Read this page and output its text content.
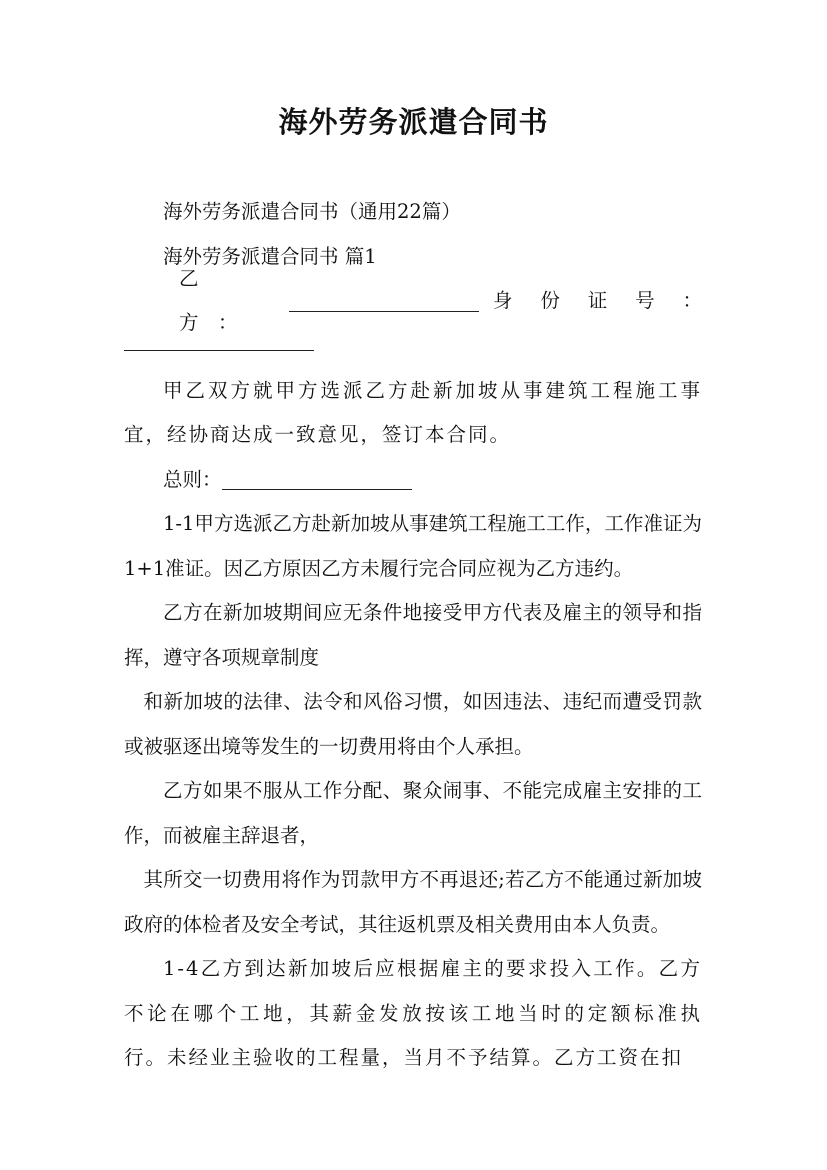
海外劳务派遣合同书

海外劳务派遣合同书（通用22篇）

海外劳务派遣合同书 篇1

乙　方　：
身　份　证　号　：

甲乙双方就甲方选派乙方赴新加坡从事建筑工程施工事宜，经协商达成一致意见，签订本合同。

总则：

1-1甲方选派乙方赴新加坡从事建筑工程施工工作，工作准证为1+1准证。因乙方原因乙方未履行完合同应视为乙方违约。

乙方在新加坡期间应无条件地接受甲方代表及雇主的领导和指挥，遵守各项规章制度

和新加坡的法律、法令和风俗习惯，如因违法、违纪而遭受罚款或被驱逐出境等发生的一切费用将由个人承担。

乙方如果不服从工作分配、聚众闹事、不能完成雇主安排的工作，而被雇主辞退者，

其所交一切费用将作为罚款甲方不再退还;若乙方不能通过新加坡政府的体检者及安全考试，其往返机票及相关费用由本人负责。

1-4乙方到达新加坡后应根据雇主的要求投入工作。乙方不论在哪个工地，其薪金发放按该工地当时的定额标准执行。未经业主验收的工程量，当月不予结算。乙方工资在扣
